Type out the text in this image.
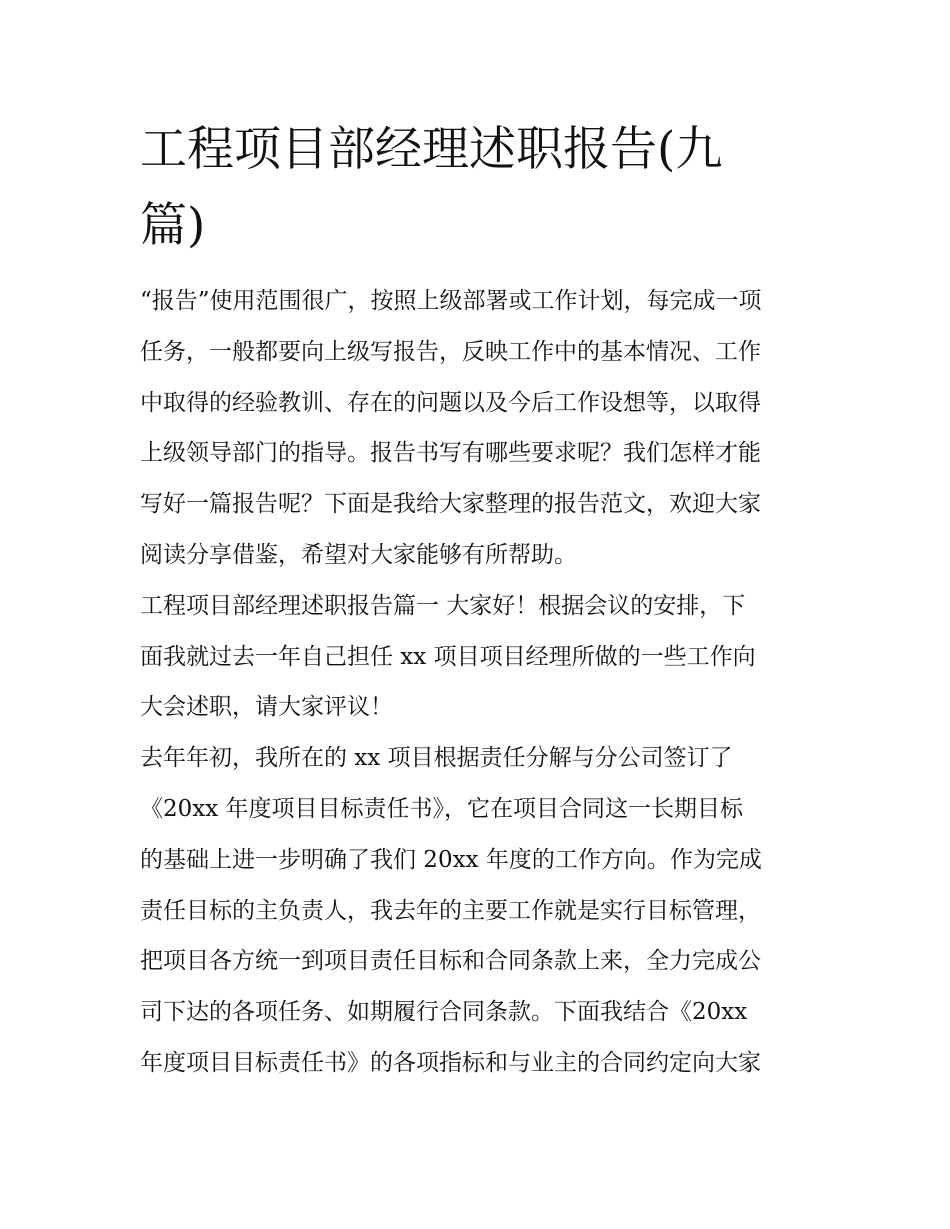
工程项目部经理述职报告(九
篇)
“报告”使用范围很广，按照上级部署或工作计划，每完成一项
任务，一般都要向上级写报告，反映工作中的基本情况、工作
中取得的经验教训、存在的问题以及今后工作设想等，以取得
上级领导部门的指导。报告书写有哪些要求呢？我们怎样才能
写好一篇报告呢？下面是我给大家整理的报告范文，欢迎大家
阅读分享借鉴，希望对大家能够有所帮助。
工程项目部经理述职报告篇一 大家好！根据会议的安排，下
面我就过去一年自己担任 xx 项目项目经理所做的一些工作向
大会述职，请大家评议！
去年年初，我所在的 xx 项目根据责任分解与分公司签订了
《20xx 年度项目目标责任书》，它在项目合同这一长期目标
的基础上进一步明确了我们 20xx 年度的工作方向。作为完成
责任目标的主负责人，我去年的主要工作就是实行目标管理，
把项目各方统一到项目责任目标和合同条款上来，全力完成公
司下达的各项任务、如期履行合同条款。下面我结合《20xx
年度项目目标责任书》的各项指标和与业主的合同约定向大家
